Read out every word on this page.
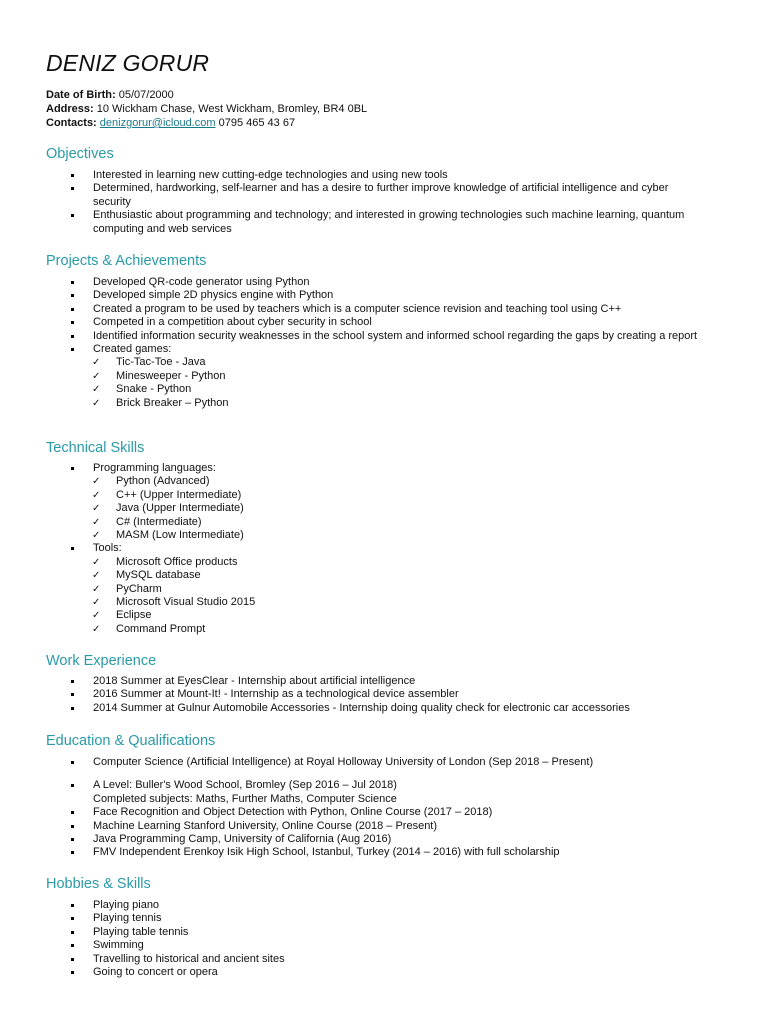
DENIZ GORUR
Date of Birth: 05/07/2000
Address: 10 Wickham Chase, West Wickham, Bromley, BR4 0BL
Contacts: denizgorur@icloud.com 0795 465 43 67
Objectives
Interested in learning new cutting-edge technologies and using new tools
Determined, hardworking, self-learner and has a desire to further improve knowledge of artificial intelligence and cyber security
Enthusiastic about programming and technology; and interested in growing technologies such machine learning, quantum computing and web services
Projects & Achievements
Developed QR-code generator using Python
Developed simple 2D physics engine with Python
Created a program to be used by teachers which is a computer science revision and teaching tool using C++
Competed in a competition about cyber security in school
Identified information security weaknesses in the school system and informed school regarding the gaps by creating a report
Created games:
✓ Tic-Tac-Toe - Java
✓ Minesweeper - Python
✓ Snake - Python
✓ Brick Breaker – Python
Technical Skills
Programming languages:
✓ Python (Advanced)
✓ C++ (Upper Intermediate)
✓ Java (Upper Intermediate)
✓ C# (Intermediate)
✓ MASM (Low Intermediate)
Tools:
✓ Microsoft Office products
✓ MySQL database
✓ PyCharm
✓ Microsoft Visual Studio 2015
✓ Eclipse
✓ Command Prompt
Work Experience
2018 Summer at EyesClear - Internship about artificial intelligence
2016 Summer at Mount-It! - Internship as a technological device assembler
2014 Summer at Gulnur Automobile Accessories - Internship doing quality check for electronic car accessories
Education & Qualifications
Computer Science (Artificial Intelligence) at Royal Holloway University of London (Sep 2018 – Present)
A Level: Buller's Wood School, Bromley (Sep 2016 – Jul 2018)
Completed subjects: Maths, Further Maths, Computer Science
Face Recognition and Object Detection with Python, Online Course (2017 – 2018)
Machine Learning Stanford University, Online Course (2018 – Present)
Java Programming Camp, University of California (Aug 2016)
FMV Independent Erenkoy Isik High School, Istanbul, Turkey (2014 – 2016) with full scholarship
Hobbies & Skills
Playing piano
Playing tennis
Playing table tennis
Swimming
Travelling to historical and ancient sites
Going to concert or opera
